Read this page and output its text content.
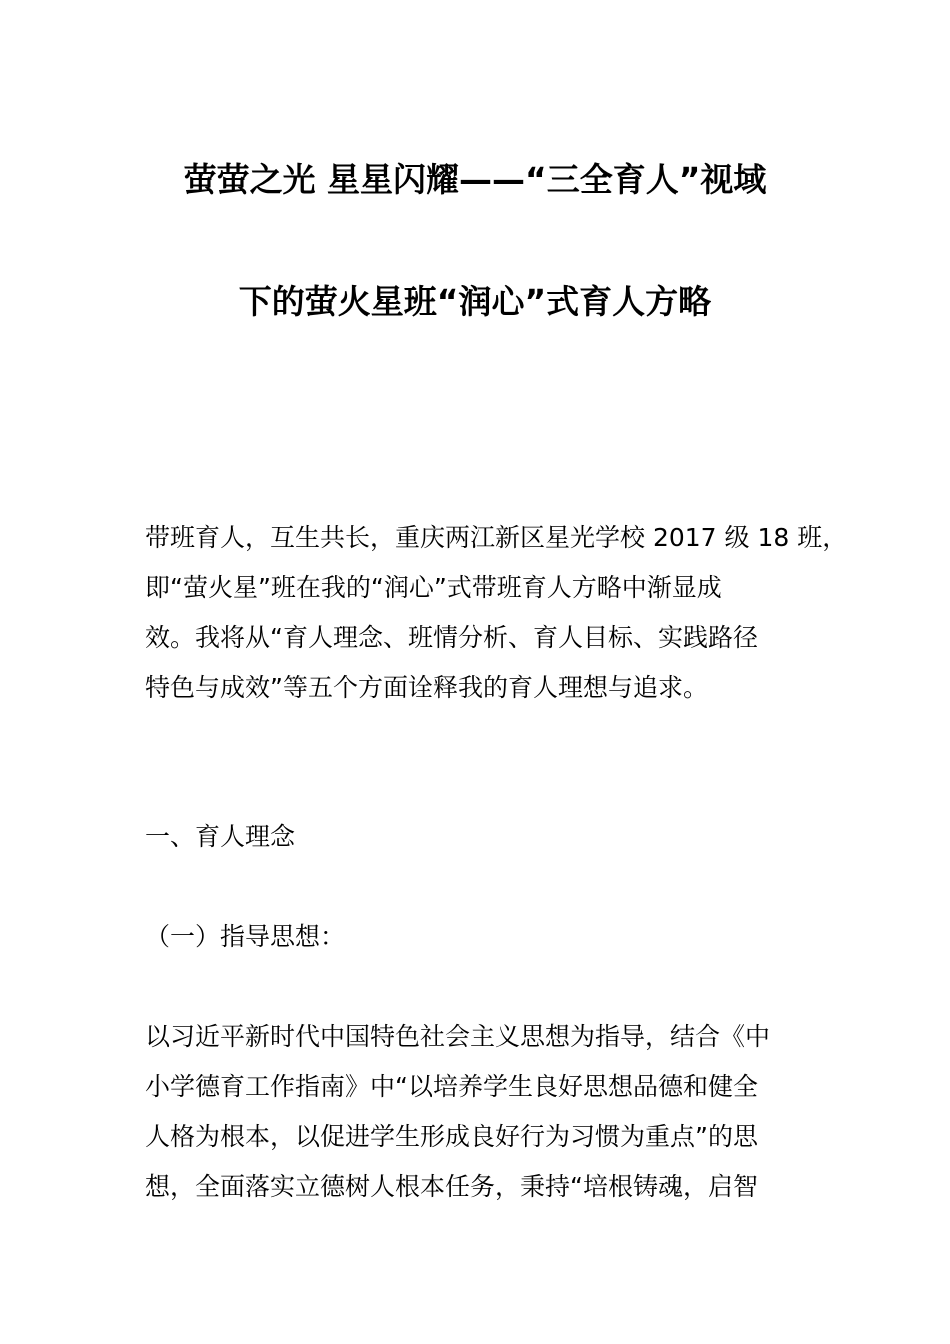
萤萤之光 星星闪耀——“三全育人”视域
下的萤火星班“润心”式育人方略
带班育人，互生共长，重庆两江新区星光学校 2017 级 18 班，
即“萤火星”班在我的“润心”式带班育人方略中渐显成
效。我将从“育人理念、班情分析、育人目标、实践路径
特色与成效”等五个方面诠释我的育人理想与追求。
一、育人理念
（一）指导思想：
以习近平新时代中国特色社会主义思想为指导，结合《中
小学德育工作指南》中“以培养学生良好思想品德和健全
人格为根本，以促进学生形成良好行为习惯为重点”的思
想，全面落实立德树人根本任务，秉持“培根铸魂，启智
